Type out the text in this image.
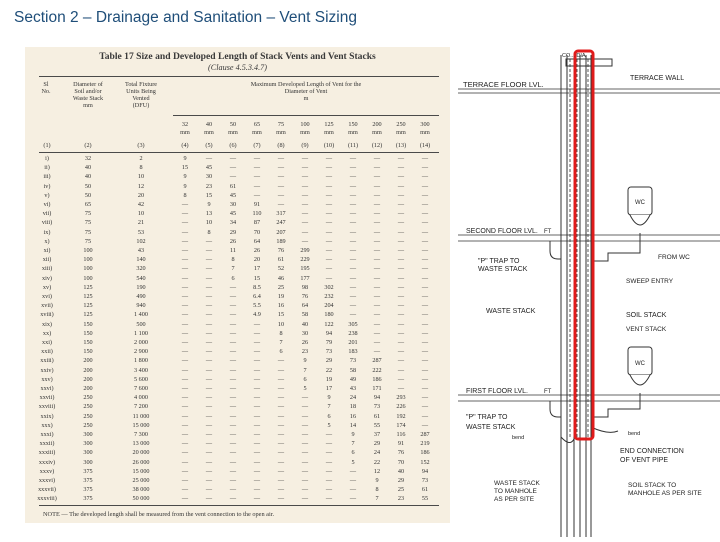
Section 2 – Drainage and Sanitation – Vent Sizing
Table 17 Size and Developed Length of Stack Vents and Vent Stacks
(Clause 4.5.3.4.7)
Sl
No.
Diameter of
Soil and/or
Waste Stack
mm
Total Fixture
Units Being
Vented
(DFU)
Maximum Developed Length of Vent for the
Diameter of Vent
m
32	40	50	65	75	100	125	150	200	250	300
mm	mm	mm	mm	mm	mm	mm	mm	mm	mm	mm
(1)	(2)	(3)	(4)	(5)	(6)	(7)	(8)	(9)	(10)	(11)	(12)	(13)	(14)
i)	32	2	9	—	—	—	—	—	—	—	—	—	—
ii)	40	8	15	45	—	—	—	—	—	—	—	—	—
iii)	40	10	9	30	—	—	—	—	—	—	—	—	—
iv)	50	12	9	23	61	—	—	—	—	—	—	—	—
v)	50	20	8	15	45	—	—	—	—	—	—	—	—
vi)	65	42	—	9	30	91	—	—	—	—	—	—	—
vii)	75	10	—	13	45	110	317	—	—	—	—	—	—
viii)	75	21	—	10	34	87	247	—	—	—	—	—	—
ix)	75	53	—	8	29	70	207	—	—	—	—	—	—
x)	75	102	—	—	26	64	189	—	—	—	—	—	—
xi)	100	43	—	—	11	26	76	299	—	—	—	—	—
xii)	100	140	—	—	8	20	61	229	—	—	—	—	—
xiii)	100	320	—	—	7	17	52	195	—	—	—	—	—
xiv)	100	540	—	—	6	15	46	177	—	—	—	—	—
xv)	125	190	—	—	—	8.5	25	98	302	—	—	—	—
xvi)	125	490	—	—	—	6.4	19	76	232	—	—	—	—
xvii)	125	940	—	—	—	5.5	16	64	204	—	—	—	—
xviii)	125	1 400	—	—	—	4.9	15	58	180	—	—	—	—
xix)	150	500	—	—	—	—	10	40	122	305	—	—	—
xx)	150	1 100	—	—	—	—	8	30	94	238	—	—	—
xxi)	150	2 000	—	—	—	—	7	26	79	201	—	—	—
xxii)	150	2 900	—	—	—	—	6	23	73	183	—	—	—
xxiii)	200	1 800	—	—	—	—	—	9	29	73	287	—	—
xxiv)	200	3 400	—	—	—	—	—	7	22	58	222	—	—
xxv)	200	5 600	—	—	—	—	—	6	19	49	186	—	—
xxvi)	200	7 600	—	—	—	—	—	5	17	43	171	—	—
xxvii)	250	4 000	—	—	—	—	—	—	9	24	94	293	—
xxviii)	250	7 200	—	—	—	—	—	—	7	18	73	226	—
xxix)	250	11 000	—	—	—	—	—	—	6	16	61	192	—
xxx)	250	15 000	—	—	—	—	—	—	5	14	55	174	—
xxxi)	300	7 300	—	—	—	—	—	—	—	9	37	116	287
xxxii)	300	13 000	—	—	—	—	—	—	—	7	29	91	219
xxxiii)	300	20 000	—	—	—	—	—	—	—	6	24	76	186
xxxiv)	300	26 000	—	—	—	—	—	—	—	5	22	70	152
xxxv)	375	15 000	—	—	—	—	—	—	—	—	12	40	94
xxxvi)	375	25 000	—	—	—	—	—	—	—	—	9	29	73
xxxvii)	375	38 000	—	—	—	—	—	—	—	—	8	25	61
xxxviii)	375	50 000	—	—	—	—	—	—	—	—	7	23	55
NOTE — The developed length shall be measured from the vent connection to the open air.
CO... DIA.
TERRACE FLOOR LVL.
TERRACE WALL
WC
SECOND FLOOR LVL. FT
FROM WC
"P" TRAP TO WASTE STACK
SWEEP ENTRY
WASTE STACK
SOIL STACK
VENT STACK
WC
FIRST FLOOR LVL.	FT
"P" TRAP TO WASTE STACK
bend
bend
END CONNECTION OF VENT PIPE
WASTE STACK TO MANHOLE AS PER SITE
SOIL STACK TO MANHOLE AS PER SITE
